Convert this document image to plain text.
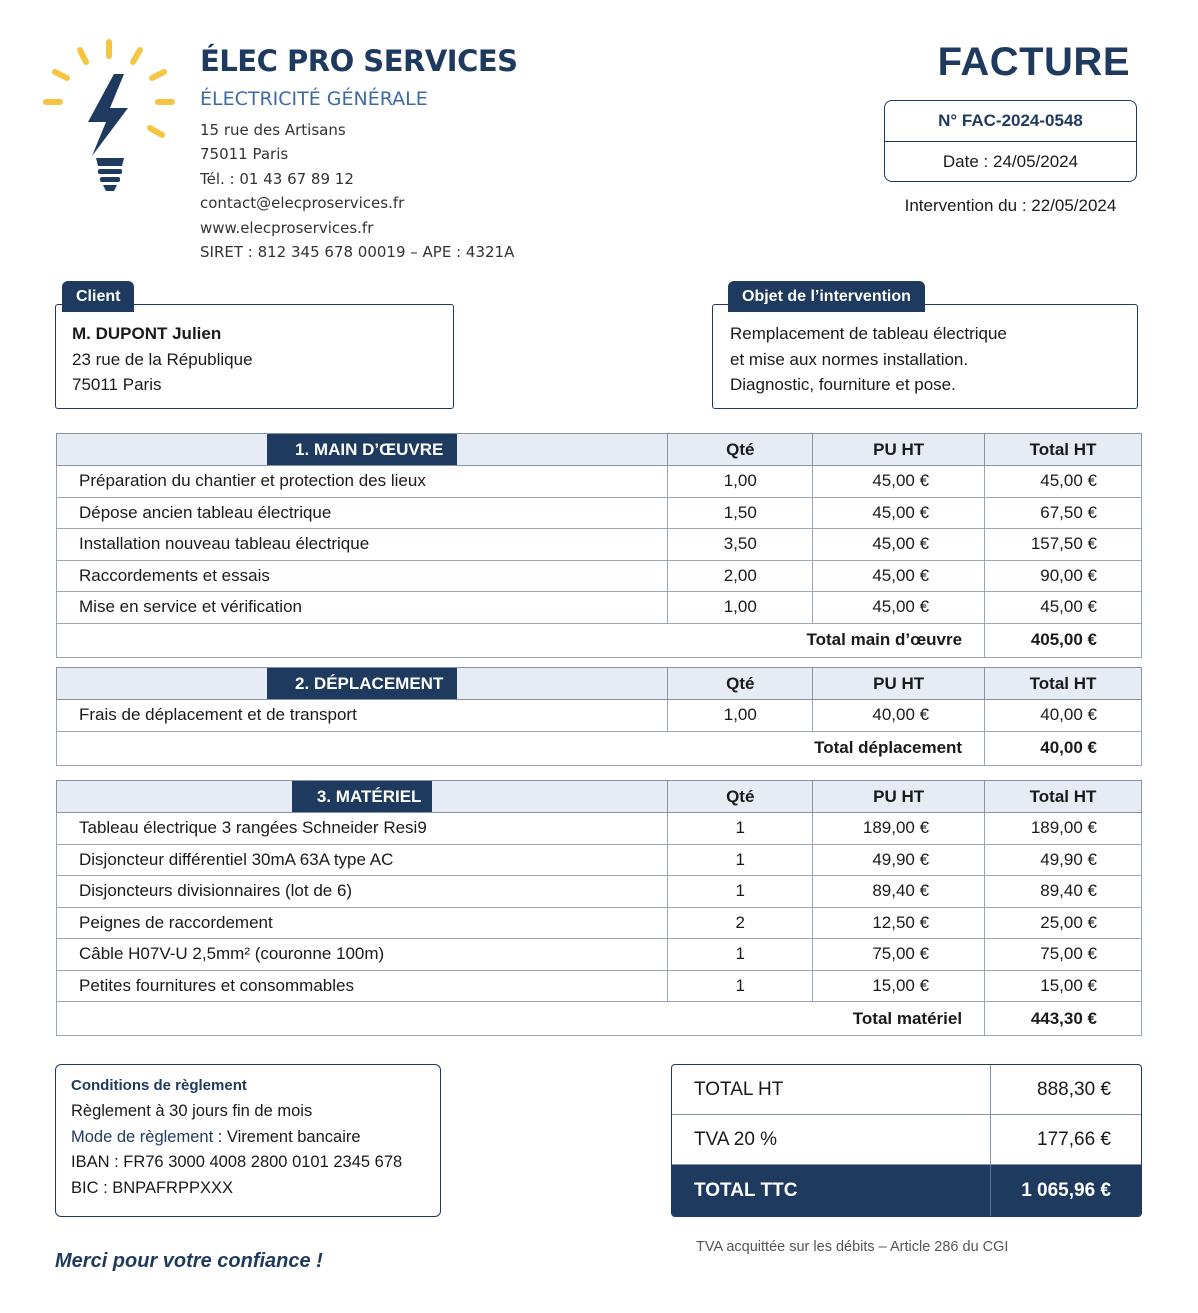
ÉLEC PRO SERVICES
ÉLECTRICITÉ GÉNÉRALE
15 rue des Artisans
75011 Paris
Tél. : 01 43 67 89 12
contact@elecproservices.fr
www.elecproservices.fr
SIRET : 812 345 678 00019 – APE : 4321A
FACTURE
N° FAC-2024-0548
Date : 24/05/2024
Intervention du : 22/05/2024
Client
M. DUPONT Julien
23 rue de la République
75011 Paris
Objet de l’intervention
Remplacement de tableau électrique
et mise aux normes installation.
Diagnostic, fourniture et pose.
1. MAIN D’ŒUVRE	Qté	PU HT	Total HT
Préparation du chantier et protection des lieux	1,00	45,00 €	45,00 €
Dépose ancien tableau électrique	1,50	45,00 €	67,50 €
Installation nouveau tableau électrique	3,50	45,00 €	157,50 €
Raccordements et essais	2,00	45,00 €	90,00 €
Mise en service et vérification	1,00	45,00 €	45,00 €
Total main d’œuvre			405,00 €
2. DÉPLACEMENT	Qté	PU HT	Total HT
Frais de déplacement et de transport	1,00	40,00 €	40,00 €
Total déplacement			40,00 €
3. MATÉRIEL	Qté	PU HT	Total HT
Tableau électrique 3 rangées Schneider Resi9	1	189,00 €	189,00 €
Disjoncteur différentiel 30mA 63A type AC	1	49,90 €	49,90 €
Disjoncteurs divisionnaires (lot de 6)	1	89,40 €	89,40 €
Peignes de raccordement	2	12,50 €	25,00 €
Câble H07V-U 2,5mm² (couronne 100m)	1	75,00 €	75,00 €
Petites fournitures et consommables	1	15,00 €	15,00 €
Total matériel			443,30 €
Conditions de règlement
Règlement à 30 jours fin de mois
Mode de règlement : Virement bancaire
IBAN : FR76 3000 4008 2800 0101 2345 678
BIC : BNPAFRPPXXX
TOTAL HT	888,30 €
TVA 20 %	177,66 €
TOTAL TTC	1 065,96 €
Merci pour votre confiance !
TVA acquittée sur les débits – Article 286 du CGI
